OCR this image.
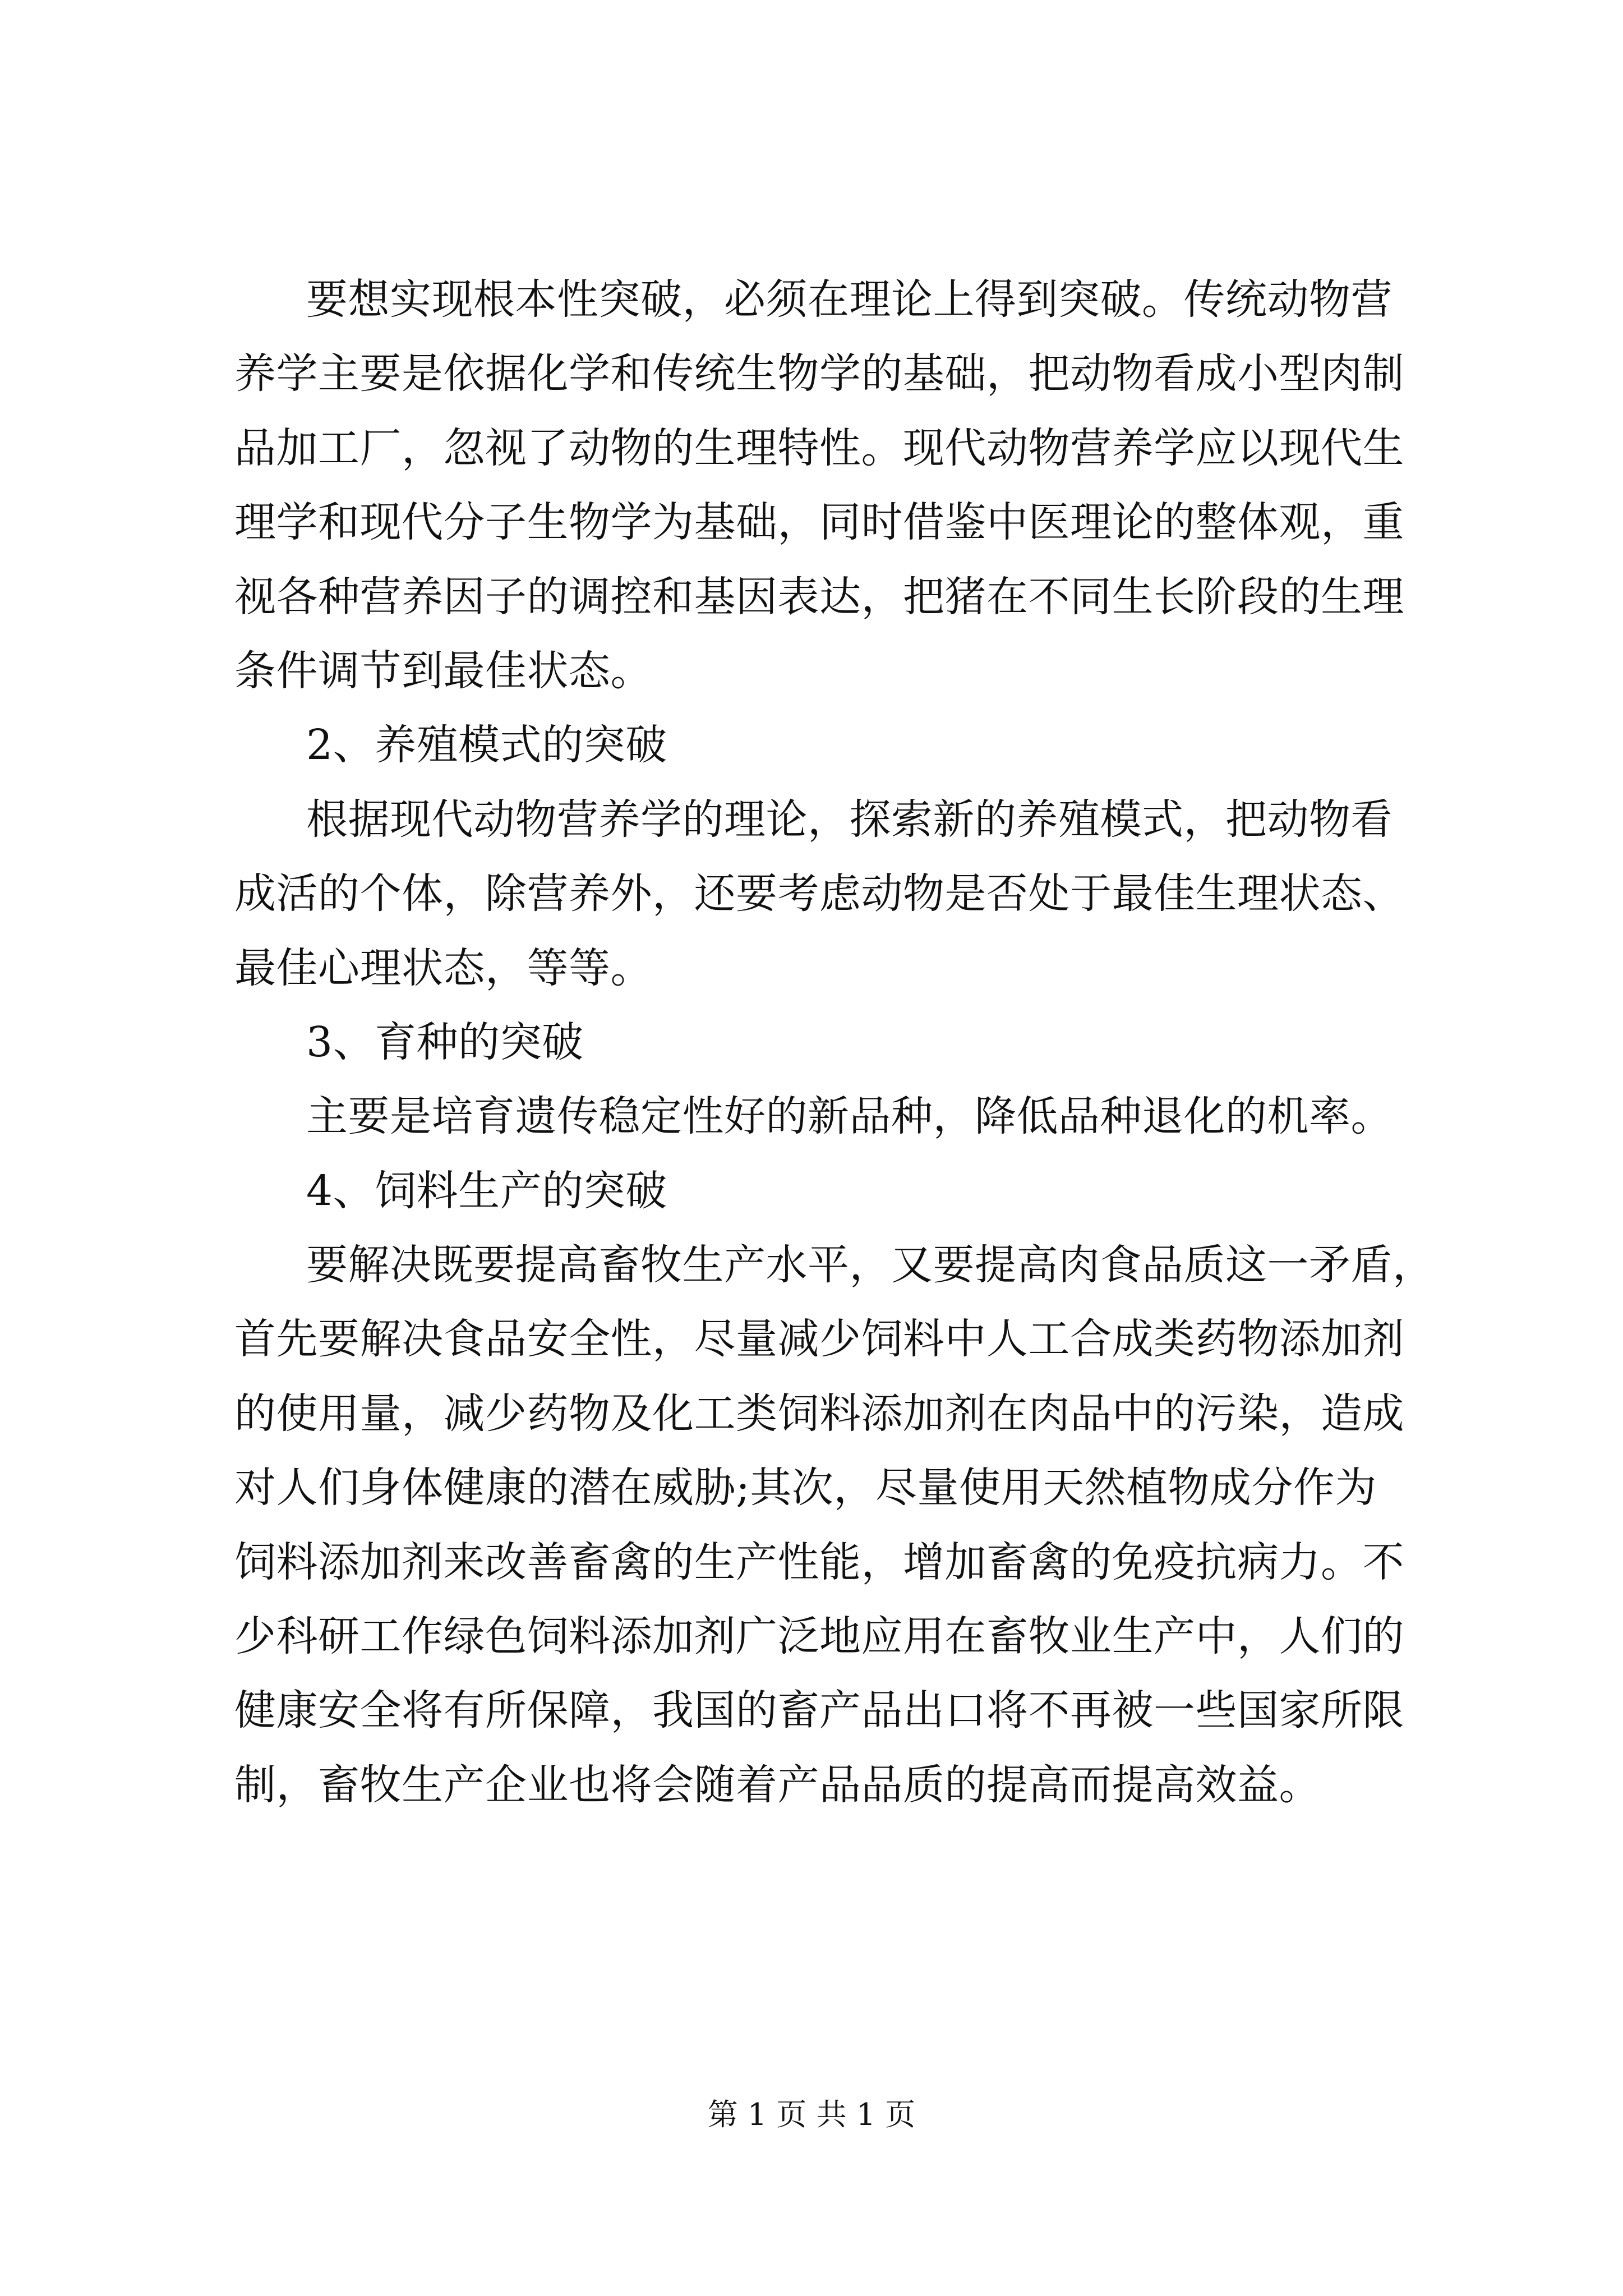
要想实现根本性突破，必须在理论上得到突破。传统动物营
养学主要是依据化学和传统生物学的基础，把动物看成小型肉制
品加工厂，忽视了动物的生理特性。现代动物营养学应以现代生
理学和现代分子生物学为基础，同时借鉴中医理论的整体观，重
视各种营养因子的调控和基因表达，把猪在不同生长阶段的生理
条件调节到最佳状态。
2、养殖模式的突破
根据现代动物营养学的理论，探索新的养殖模式，把动物看
成活的个体，除营养外，还要考虑动物是否处于最佳生理状态、
最佳心理状态，等等。
3、育种的突破
主要是培育遗传稳定性好的新品种，降低品种退化的机率。
4、饲料生产的突破
要解决既要提高畜牧生产水平，又要提高肉食品质这一矛盾，
首先要解决食品安全性，尽量减少饲料中人工合成类药物添加剂
的使用量，减少药物及化工类饲料添加剂在肉品中的污染，造成
对人们身体健康的潜在威胁;其次，尽量使用天然植物成分作为
饲料添加剂来改善畜禽的生产性能，增加畜禽的免疫抗病力。不
少科研工作绿色饲料添加剂广泛地应用在畜牧业生产中，人们的
健康安全将有所保障，我国的畜产品出口将不再被一些国家所限
制，畜牧生产企业也将会随着产品品质的提高而提高效益。
第 1 页 共 1 页
